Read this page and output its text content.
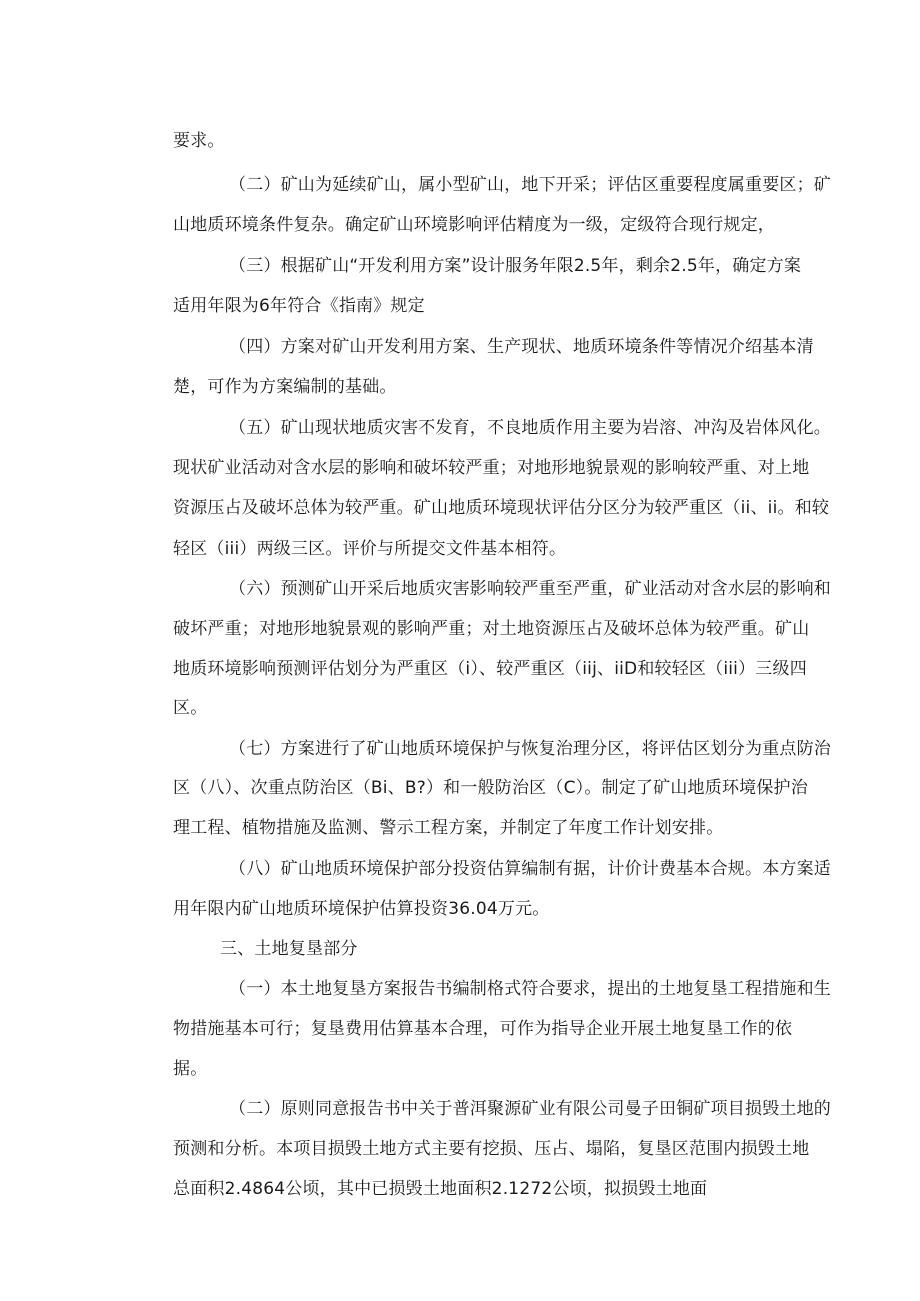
要求。
（二）矿山为延续矿山，属小型矿山，地下开采；评估区重要程度属重要区；矿
山地质环境条件复杂。确定矿山环境影响评估精度为一级，定级符合现行规定，
（三）根据矿山“开发利用方案”设计服务年限2.5年，剩余2.5年，确定方案
适用年限为6年符合《指南》规定
（四）方案对矿山开发利用方案、生产现状、地质环境条件等情况介绍基本清
楚，可作为方案编制的基础。
（五）矿山现状地质灾害不发育，不良地质作用主要为岩溶、冲沟及岩体风化。
现状矿业活动对含水层的影响和破坏较严重；对地形地貌景观的影响较严重、对上地
资源压占及破坏总体为较严重。矿山地质环境现状评估分区分为较严重区（ii、ii。和较
轻区（iii）两级三区。评价与所提交文件基本相符。
（六）预测矿山开采后地质灾害影响较严重至严重，矿业活动对含水层的影响和
破坏严重；对地形地貌景观的影响严重；对土地资源压占及破坏总体为较严重。矿山
地质环境影响预测评估划分为严重区（i）、较严重区（iij、iiD和较轻区（iii）三级四
区。
（七）方案进行了矿山地质环境保护与恢复治理分区，将评估区划分为重点防治
区（八）、次重点防治区（Bi、B?）和一般防治区（C）。制定了矿山地质环境保护治
理工程、植物措施及监测、警示工程方案，并制定了年度工作计划安排。
（八）矿山地质环境保护部分投资估算编制有据，计价计费基本合规。本方案适
用年限内矿山地质环境保护估算投资36.04万元。
三、土地复垦部分
（一）本土地复垦方案报告书编制格式符合要求，提出的土地复垦工程措施和生
物措施基本可行；复垦费用估算基本合理，可作为指导企业开展土地复垦工作的依
据。
（二）原则同意报告书中关于普洱聚源矿业有限公司曼子田铜矿项目损毁土地的
预测和分析。本项目损毁土地方式主要有挖损、压占、塌陷，复垦区范围内损毁土地
总面积2.4864公顷，其中已损毁土地面积2.1272公顷，拟损毁土地面
